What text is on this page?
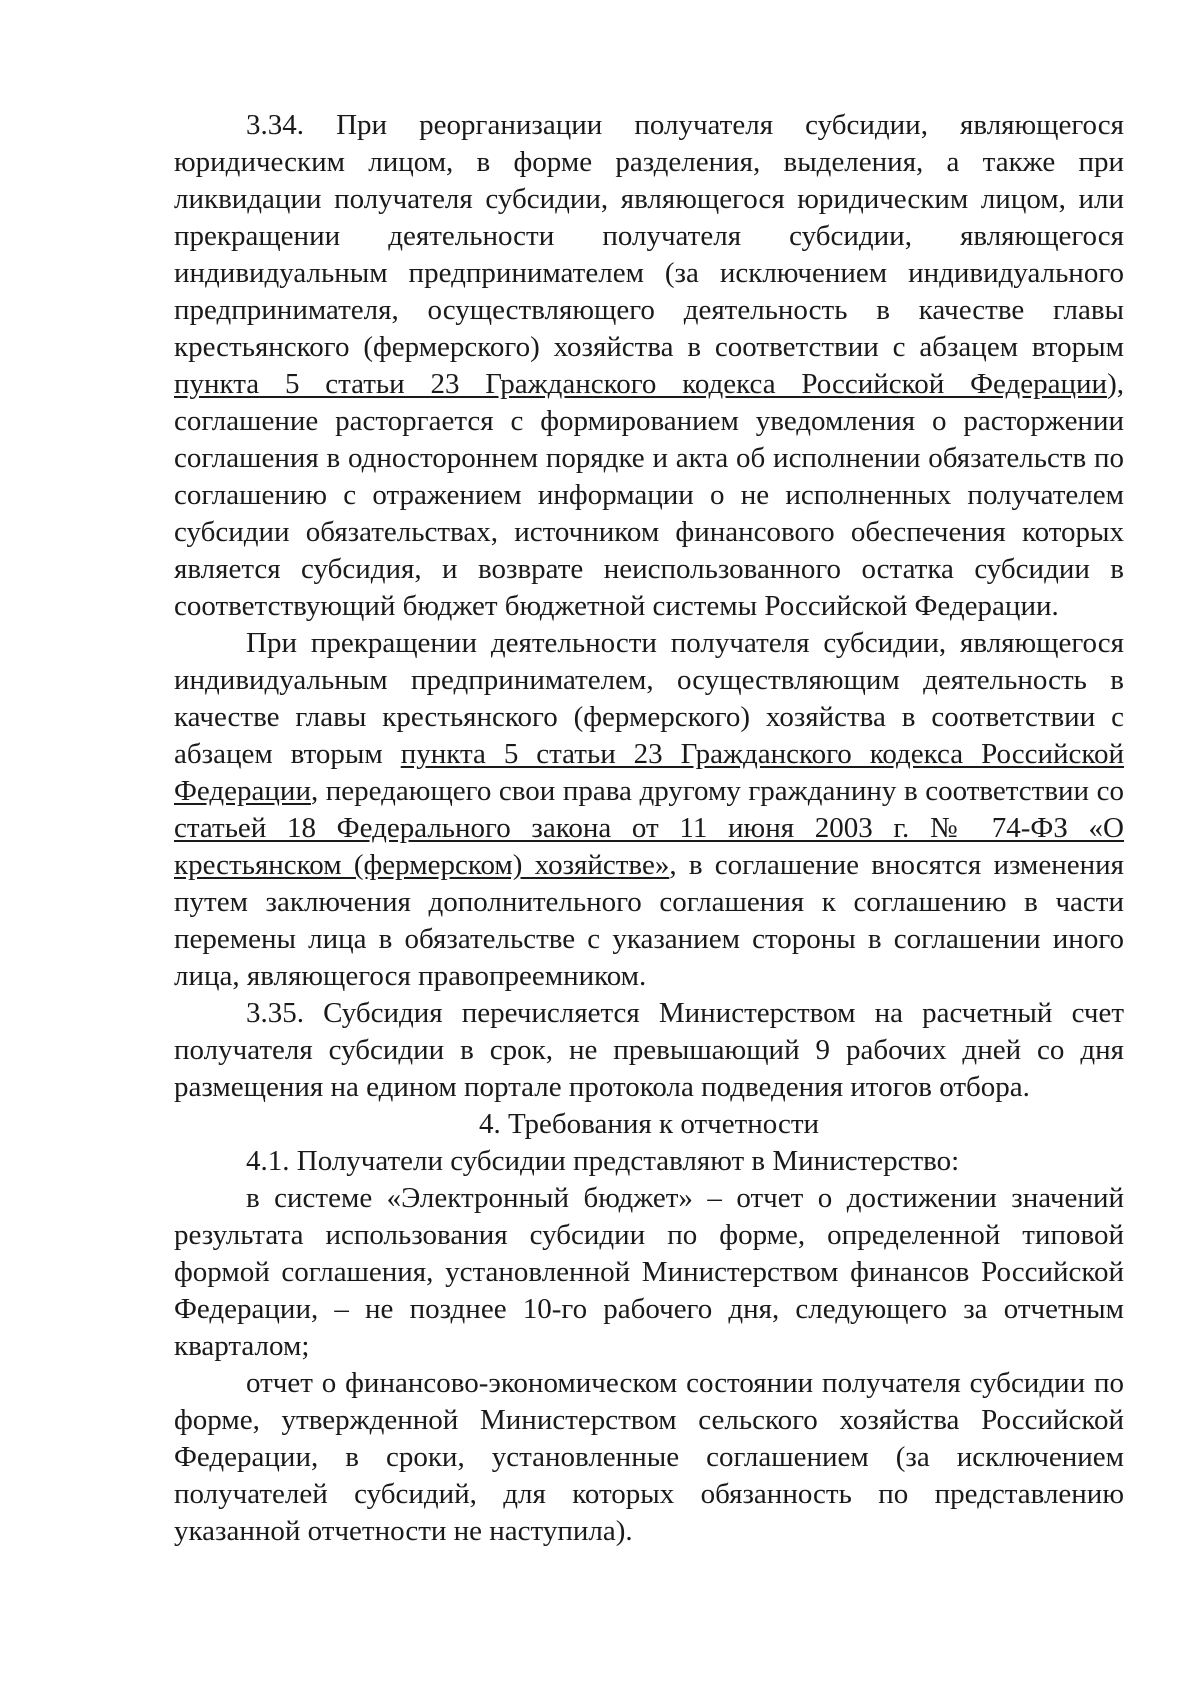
3.34. При реорганизации получателя субсидии, являющегося юридическим лицом, в форме разделения, выделения, а также при ликвидации получателя субсидии, являющегося юридическим лицом, или прекращении деятельности получателя субсидии, являющегося индивидуальным предпринимателем (за исключением индивидуального предпринимателя, осуществляющего деятельность в качестве главы крестьянского (фермерского) хозяйства в соответствии с абзацем вторым пункта 5 статьи 23 Гражданского кодекса Российской Федерации), соглашение расторгается с формированием уведомления о расторжении соглашения в одностороннем порядке и акта об исполнении обязательств по соглашению с отражением информации о не исполненных получателем субсидии обязательствах, источником финансового обеспечения которых является субсидия, и возврате неиспользованного остатка субсидии в соответствующий бюджет бюджетной системы Российской Федерации.

При прекращении деятельности получателя субсидии, являющегося индивидуальным предпринимателем, осуществляющим деятельность в качестве главы крестьянского (фермерского) хозяйства в соответствии с абзацем вторым пункта 5 статьи 23 Гражданского кодекса Российской Федерации, передающего свои права другому гражданину в соответствии со статьей 18 Федерального закона от 11 июня 2003 г. № 74-ФЗ «О крестьянском (фермерском) хозяйстве», в соглашение вносятся изменения путем заключения дополнительного соглашения к соглашению в части перемены лица в обязательстве с указанием стороны в соглашении иного лица, являющегося правопреемником.

3.35. Субсидия перечисляется Министерством на расчетный счет получателя субсидии в срок, не превышающий 9 рабочих дней со дня размещения на едином портале протокола подведения итогов отбора.

4. Требования к отчетности

4.1. Получатели субсидии представляют в Министерство:

в системе «Электронный бюджет» – отчет о достижении значений результата использования субсидии по форме, определенной типовой формой соглашения, установленной Министерством финансов Российской Федерации, – не позднее 10-го рабочего дня, следующего за отчетным кварталом;

отчет о финансово-экономическом состоянии получателя субсидии по форме, утвержденной Министерством сельского хозяйства Российской Федерации, в сроки, установленные соглашением (за исключением получателей субсидий, для которых обязанность по представлению указанной отчетности не наступила).
